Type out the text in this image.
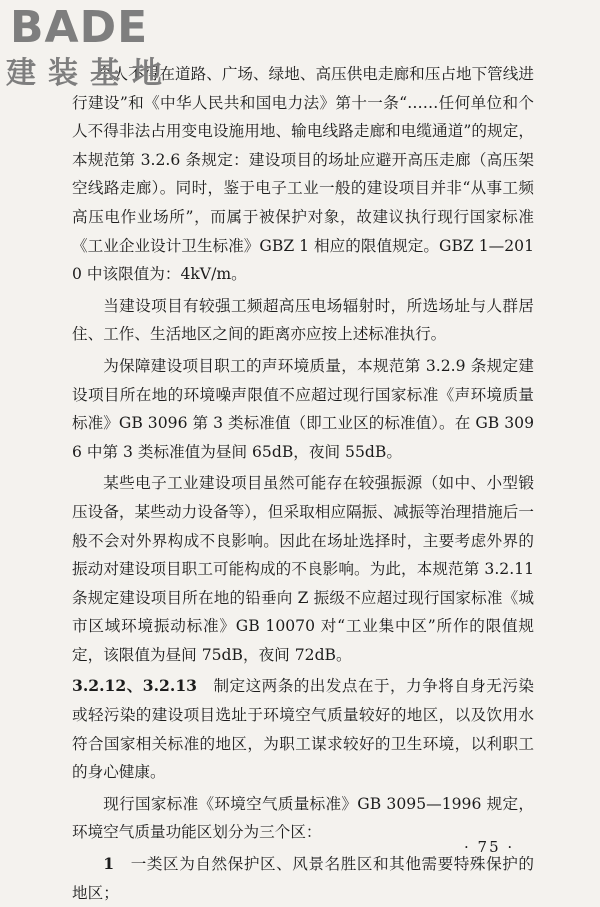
BADE
建装基地

个人不得在道路、广场、绿地、高压供电走廊和压占地下管线进行建设”和《中华人民共和国电力法》第十一条“……任何单位和个人不得非法占用变电设施用地、输电线路走廊和电缆通道”的规定，本规范第 3.2.6 条规定：建设项目的场址应避开高压走廊（高压架空线路走廊）。同时，鉴于电子工业一般的建设项目并非“从事工频高压电作业场所”，而属于被保护对象，故建议执行现行国家标准《工业企业设计卫生标准》GBZ 1 相应的限值规定。GBZ 1—2010 中该限值为：4kV/m。

当建设项目有较强工频超高压电场辐射时，所选场址与人群居住、工作、生活地区之间的距离亦应按上述标准执行。

为保障建设项目职工的声环境质量，本规范第 3.2.9 条规定建设项目所在地的环境噪声限值不应超过现行国家标准《声环境质量标准》GB 3096 第 3 类标准值（即工业区的标准值）。在 GB 3096 中第 3 类标准值为昼间 65dB，夜间 55dB。

某些电子工业建设项目虽然可能存在较强振源（如中、小型锻压设备，某些动力设备等），但采取相应隔振、减振等治理措施后一般不会对外界构成不良影响。因此在场址选择时，主要考虑外界的振动对建设项目职工可能构成的不良影响。为此，本规范第 3.2.11 条规定建设项目所在地的铅垂向 Z 振级不应超过现行国家标准《城市区域环境振动标准》GB 10070 对“工业集中区”所作的限值规定，该限值为昼间 75dB，夜间 72dB。

3.2.12、3.2.13　制定这两条的出发点在于，力争将自身无污染或轻污染的建设项目选址于环境空气质量较好的地区，以及饮用水符合国家相关标准的地区，为职工谋求较好的卫生环境，以利职工的身心健康。

现行国家标准《环境空气质量标准》GB 3095—1996 规定，环境空气质量功能区划分为三个区：

1　一类区为自然保护区、风景名胜区和其他需要特殊保护的地区；

· 75 ·
